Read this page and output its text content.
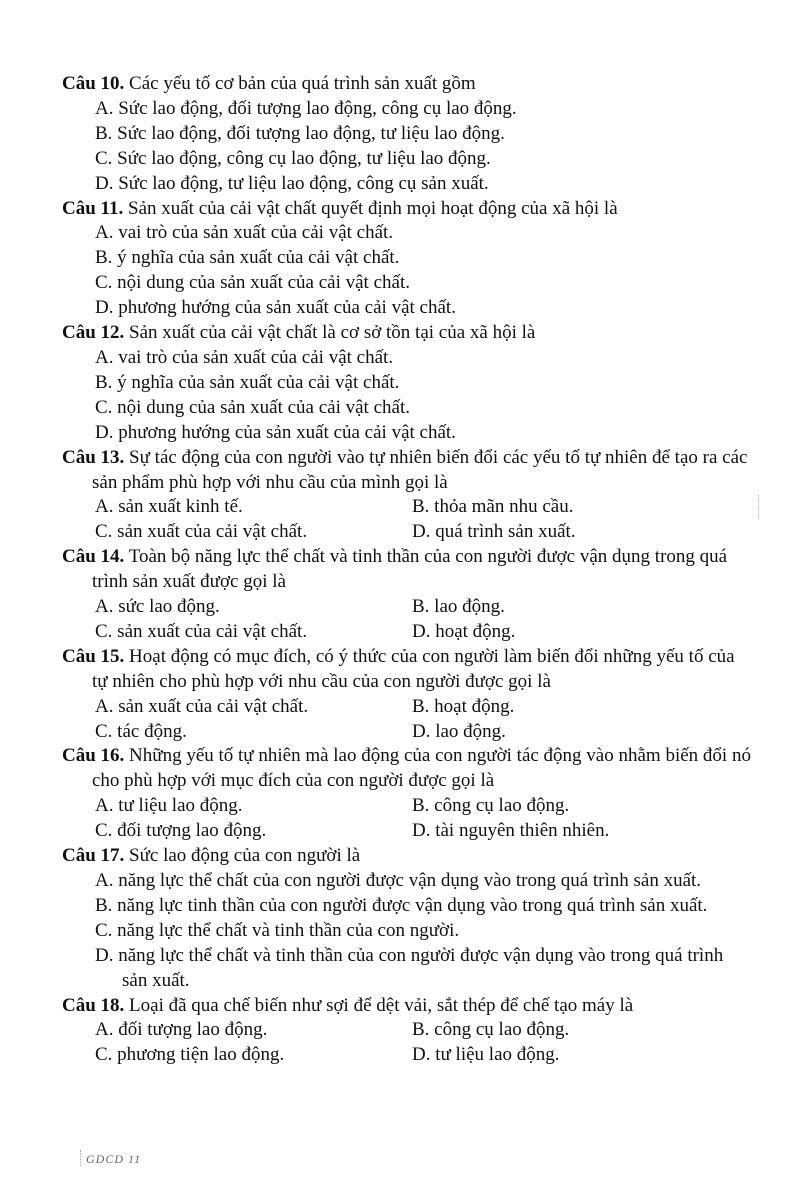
Câu 10. Các yếu tố cơ bản của quá trình sản xuất gồm
A. Sức lao động, đối tượng lao động, công cụ lao động.
B. Sức lao động, đối tượng lao động, tư liệu lao động.
C. Sức lao động, công cụ lao động, tư liệu lao động.
D. Sức lao động, tư liệu lao động, công cụ sản xuất.
Câu 11. Sản xuất của cải vật chất quyết định mọi hoạt động của xã hội là
A. vai trò của sản xuất của cải vật chất.
B. ý nghĩa của sản xuất của cải vật chất.
C. nội dung của sản xuất của cải vật chất.
D. phương hướng của sản xuất của cải vật chất.
Câu 12. Sản xuất của cải vật chất là cơ sở tồn tại của xã hội là
A. vai trò của sản xuất của cải vật chất.
B. ý nghĩa của sản xuất của cải vật chất.
C. nội dung của sản xuất của cải vật chất.
D. phương hướng của sản xuất của cải vật chất.
Câu 13. Sự tác động của con người vào tự nhiên biến đổi các yếu tố tự nhiên để tạo ra các sản phẩm phù hợp với nhu cầu của mình gọi là
A. sản xuất kinh tế.	B. thỏa mãn nhu cầu.
C. sản xuất của cải vật chất.	D. quá trình sản xuất.
Câu 14. Toàn bộ năng lực thể chất và tinh thần của con người được vận dụng trong quá trình sản xuất được gọi là
A. sức lao động.	B. lao động.
C. sản xuất của cải vật chất.	D. hoạt động.
Câu 15. Hoạt động có mục đích, có ý thức của con người làm biến đổi những yếu tố của tự nhiên cho phù hợp với nhu cầu của con người được gọi là
A. sản xuất của cải vật chất.	B. hoạt động.
C. tác động.	D. lao động.
Câu 16. Những yếu tố tự nhiên mà lao động của con người tác động vào nhằm biến đổi nó cho phù hợp với mục đích của con người được gọi là
A. tư liệu lao động.	B. công cụ lao động.
C. đối tượng lao động.	D. tài nguyên thiên nhiên.
Câu 17. Sức lao động của con người là
A. năng lực thể chất của con người được vận dụng vào trong quá trình sản xuất.
B. năng lực tinh thần của con người được vận dụng vào trong quá trình sản xuất.
C. năng lực thể chất và tinh thần của con người.
D. năng lực thể chất và tinh thần của con người được vận dụng vào trong quá trình sản xuất.
Câu 18. Loại đã qua chế biến như sợi để dệt vải, sắt thép để chế tạo máy là
A. đối tượng lao động.	B. công cụ lao động.
C. phương tiện lao động.	D. tư liệu lao động.
GDCD 11
